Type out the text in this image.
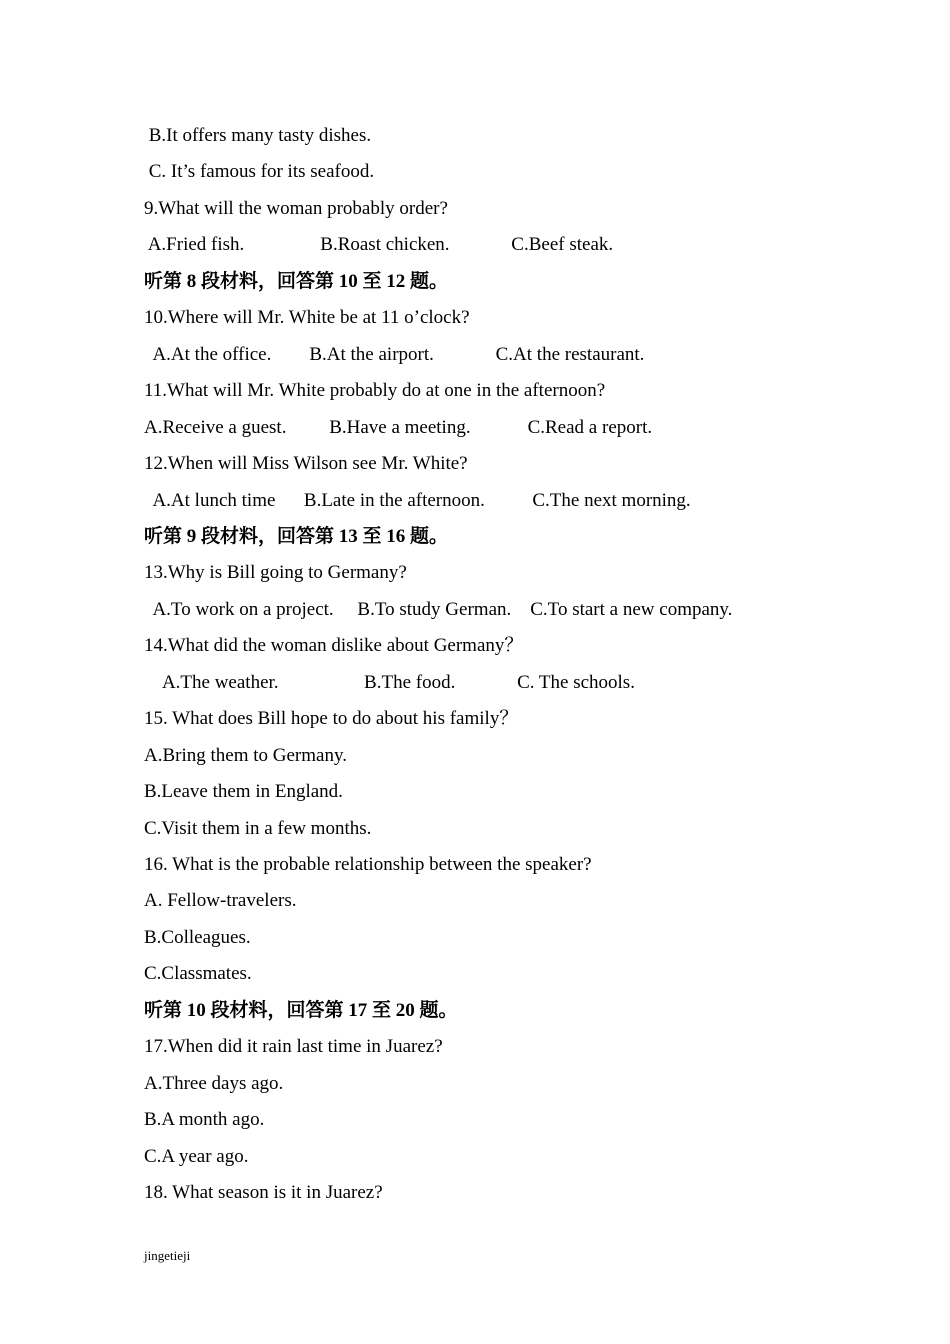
B.It offers many tasty dishes.
C. It’s famous for its seafood.
9.What will the woman probably order?
A.Fried fish.                B.Roast chicken.             C.Beef steak.
听第 8 段材料，回答第 10 至 12 题。
10.Where will Mr. White be at 11 o’clock?
A.At the office.        B.At the airport.             C.At the restaurant.
11.What will Mr. White probably do at one in the afternoon?
A.Receive a guest.         B.Have a meeting.            C.Read a report.
12.When will Miss Wilson see Mr. White?
A.At lunch time      B.Late in the afternoon.          C.The next morning.
听第 9 段材料，回答第 13 至 16 题。
13.Why is Bill going to Germany?
A.To work on a project.     B.To study German.    C.To start a new company.
14.What did the woman dislike about Germany？
A.The weather.                  B.The food.             C. The schools.
15. What does Bill hope to do about his family？
A.Bring them to Germany.
B.Leave them in England.
C.Visit them in a few months.
16. What is the probable relationship between the speaker?
A. Fellow-travelers.
B.Colleagues.
C.Classmates.
听第 10 段材料，回答第 17 至 20 题。
17.When did it rain last time in Juarez?
A.Three days ago.
B.A month ago.
C.A year ago.
18. What season is it in Juarez?
jingetieji
